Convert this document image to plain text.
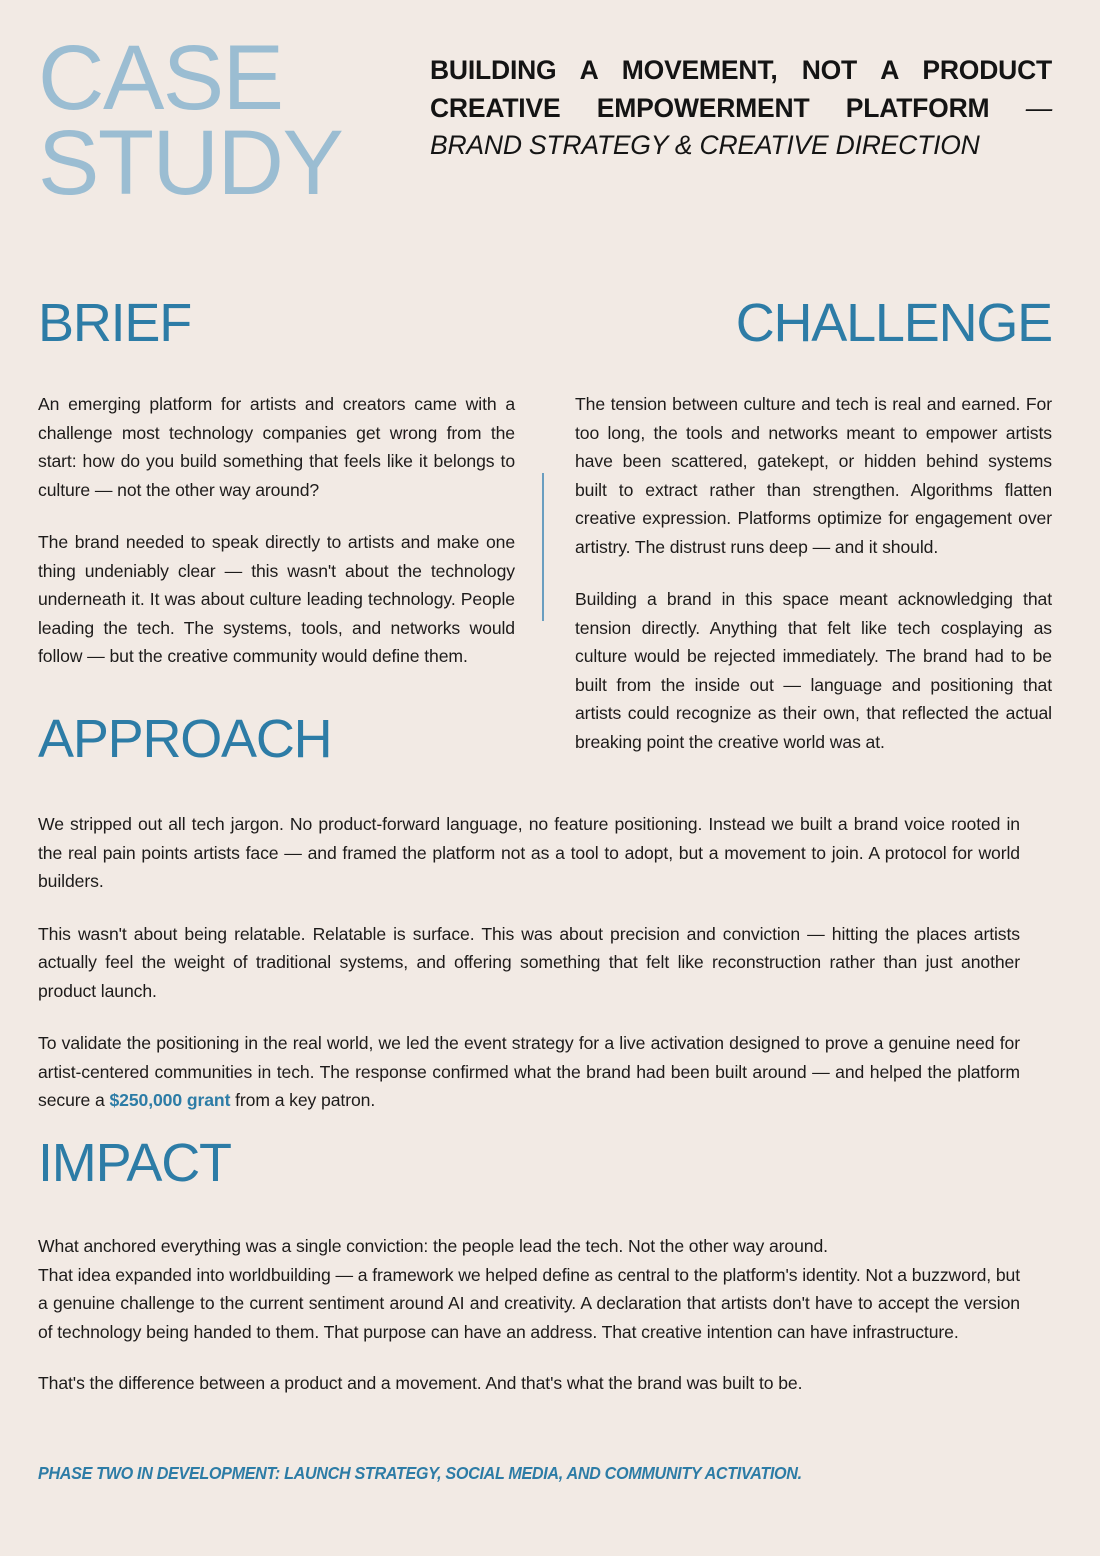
CASE
STUDY

BUILDING A MOVEMENT, NOT A PRODUCT CREATIVE EMPOWERMENT PLATFORM — BRAND STRATEGY & CREATIVE DIRECTION

BRIEF

An emerging platform for artists and creators came with a challenge most technology companies get wrong from the start: how do you build something that feels like it belongs to culture — not the other way around?

The brand needed to speak directly to artists and make one thing undeniably clear — this wasn't about the technology underneath it. It was about culture leading technology. People leading the tech. The systems, tools, and networks would follow — but the creative community would define them.

CHALLENGE

The tension between culture and tech is real and earned. For too long, the tools and networks meant to empower artists have been scattered, gatekept, or hidden behind systems built to extract rather than strengthen. Algorithms flatten creative expression. Platforms optimize for engagement over artistry. The distrust runs deep — and it should.

Building a brand in this space meant acknowledging that tension directly. Anything that felt like tech cosplaying as culture would be rejected immediately. The brand had to be built from the inside out — language and positioning that artists could recognize as their own, that reflected the actual breaking point the creative world was at.

APPROACH

We stripped out all tech jargon. No product-forward language, no feature positioning. Instead we built a brand voice rooted in the real pain points artists face — and framed the platform not as a tool to adopt, but a movement to join. A protocol for world builders.

This wasn't about being relatable. Relatable is surface. This was about precision and conviction — hitting the places artists actually feel the weight of traditional systems, and offering something that felt like reconstruction rather than just another product launch.

To validate the positioning in the real world, we led the event strategy for a live activation designed to prove a genuine need for artist-centered communities in tech. The response confirmed what the brand had been built around — and helped the platform secure a $250,000 grant from a key patron.

IMPACT

What anchored everything was a single conviction: the people lead the tech. Not the other way around.

That idea expanded into worldbuilding — a framework we helped define as central to the platform's identity. Not a buzzword, but a genuine challenge to the current sentiment around AI and creativity. A declaration that artists don't have to accept the version of technology being handed to them. That purpose can have an address. That creative intention can have infrastructure.

That's the difference between a product and a movement. And that's what the brand was built to be.

PHASE TWO IN DEVELOPMENT: LAUNCH STRATEGY, SOCIAL MEDIA, AND COMMUNITY ACTIVATION.
